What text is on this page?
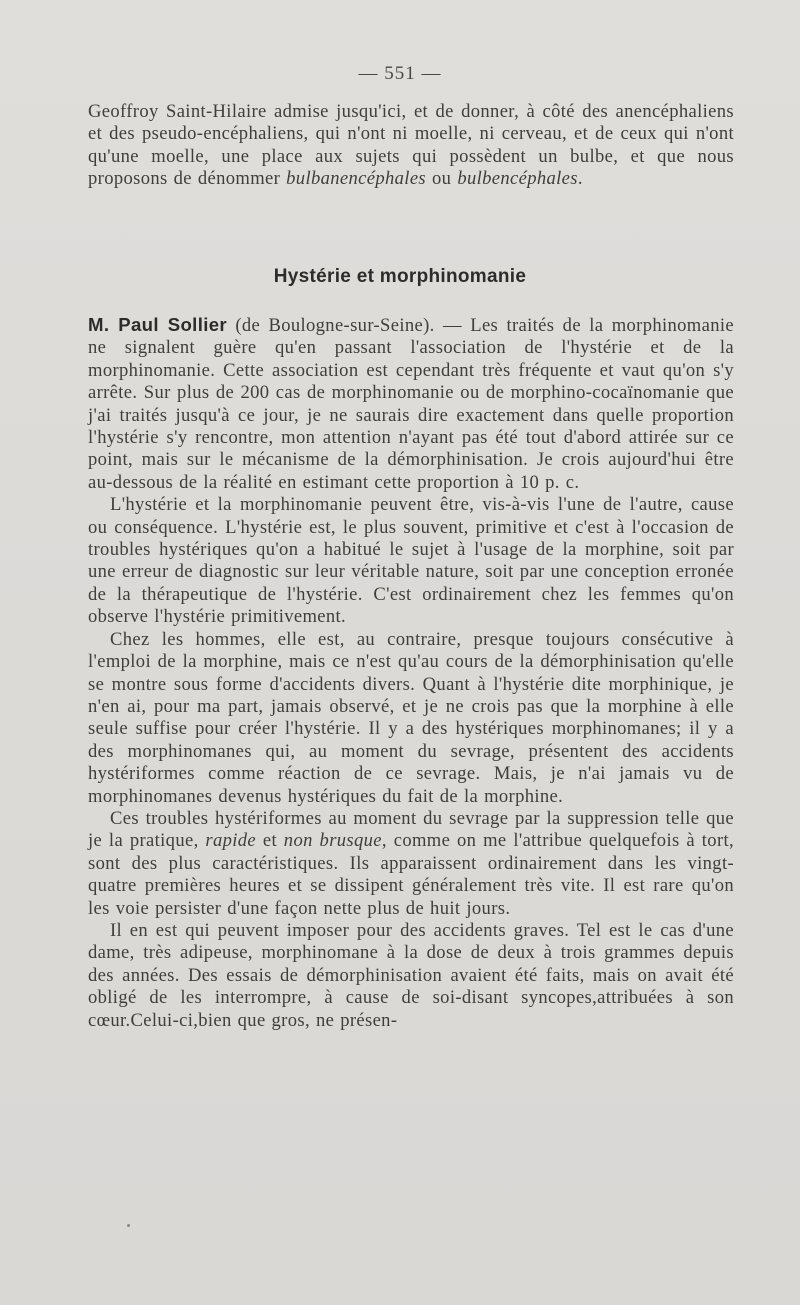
— 551 —

Geoffroy Saint-Hilaire admise jusqu'ici, et de donner, à côté des anencéphaliens et des pseudo-encéphaliens, qui n'ont ni moelle, ni cerveau, et de ceux qui n'ont qu'une moelle, une place aux sujets qui possèdent un bulbe, et que nous proposons de dénommer bulbanencéphales ou bulbencéphales.

Hystérie et morphinomanie

M. Paul Sollier (de Boulogne-sur-Seine). — Les traités de la morphinomanie ne signalent guère qu'en passant l'association de l'hystérie et de la morphinomanie. Cette association est cependant très fréquente et vaut qu'on s'y arrête. Sur plus de 200 cas de morphinomanie ou de morphino-cocaïnomanie que j'ai traités jusqu'à ce jour, je ne saurais dire exactement dans quelle proportion l'hystérie s'y rencontre, mon attention n'ayant pas été tout d'abord attirée sur ce point, mais sur le mécanisme de la démorphinisation. Je crois aujourd'hui être au-dessous de la réalité en estimant cette proportion à 10 p. c.

L'hystérie et la morphinomanie peuvent être, vis-à-vis l'une de l'autre, cause ou conséquence. L'hystérie est, le plus souvent, primitive et c'est à l'occasion de troubles hystériques qu'on a habitué le sujet à l'usage de la morphine, soit par une erreur de diagnostic sur leur véritable nature, soit par une conception erronée de la thérapeutique de l'hystérie. C'est ordinairement chez les femmes qu'on observe l'hystérie primitivement.

Chez les hommes, elle est, au contraire, presque toujours consécutive à l'emploi de la morphine, mais ce n'est qu'au cours de la démorphinisation qu'elle se montre sous forme d'accidents divers. Quant à l'hystérie dite morphinique, je n'en ai, pour ma part, jamais observé, et je ne crois pas que la morphine à elle seule suffise pour créer l'hystérie. Il y a des hystériques morphinomanes; il y a des morphinomanes qui, au moment du sevrage, présentent des accidents hystériformes comme réaction de ce sevrage. Mais, je n'ai jamais vu de morphinomanes devenus hystériques du fait de la morphine.

Ces troubles hystériformes au moment du sevrage par la suppression telle que je la pratique, rapide et non brusque, comme on me l'attribue quelquefois à tort, sont des plus caractéristiques. Ils apparaissent ordinairement dans les vingt-quatre premières heures et se dissipent généralement très vite. Il est rare qu'on les voie persister d'une façon nette plus de huit jours.

Il en est qui peuvent imposer pour des accidents graves. Tel est le cas d'une dame, très adipeuse, morphinomane à la dose de deux à trois grammes depuis des années. Des essais de démorphinisation avaient été faits, mais on avait été obligé de les interrompre, à cause de soi-disant syncopes,attribuées à son cœur.Celui-ci,bien que gros, ne présen-
